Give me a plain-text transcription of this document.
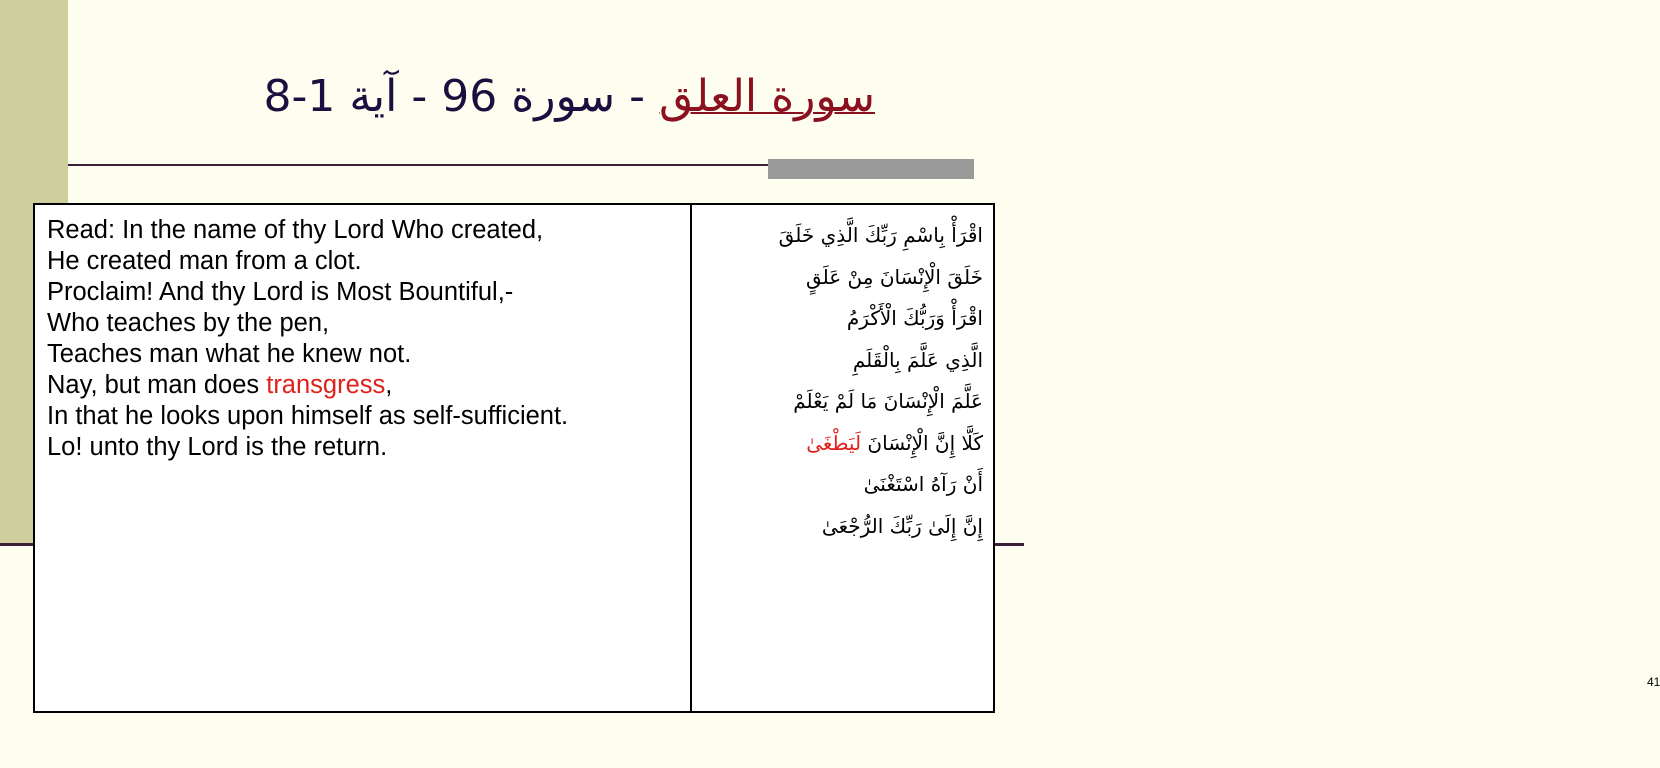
سورة العلق - سورة 96 - آية 1-8
Read: In the name of thy Lord Who created,
He created man from a clot.
Proclaim! And thy Lord is Most Bountiful,-
Who teaches by the pen,
Teaches man what he knew not.
Nay, but man does transgress,
In that he looks upon himself as self-sufficient.
Lo! unto thy Lord is the return.
اقْرَأْ بِاسْمِ رَبِّكَ الَّذِي خَلَقَ
خَلَقَ الْإِنْسَانَ مِنْ عَلَقٍ
اقْرَأْ وَرَبُّكَ الْأَكْرَمُ
الَّذِي عَلَّمَ بِالْقَلَمِ
عَلَّمَ الْإِنْسَانَ مَا لَمْ يَعْلَمْ
كَلَّا إِنَّ الْإِنْسَانَ لَيَطْغَىٰ
أَنْ رَآهُ اسْتَغْنَىٰ
إِنَّ إِلَىٰ رَبِّكَ الرُّجْعَىٰ
41
